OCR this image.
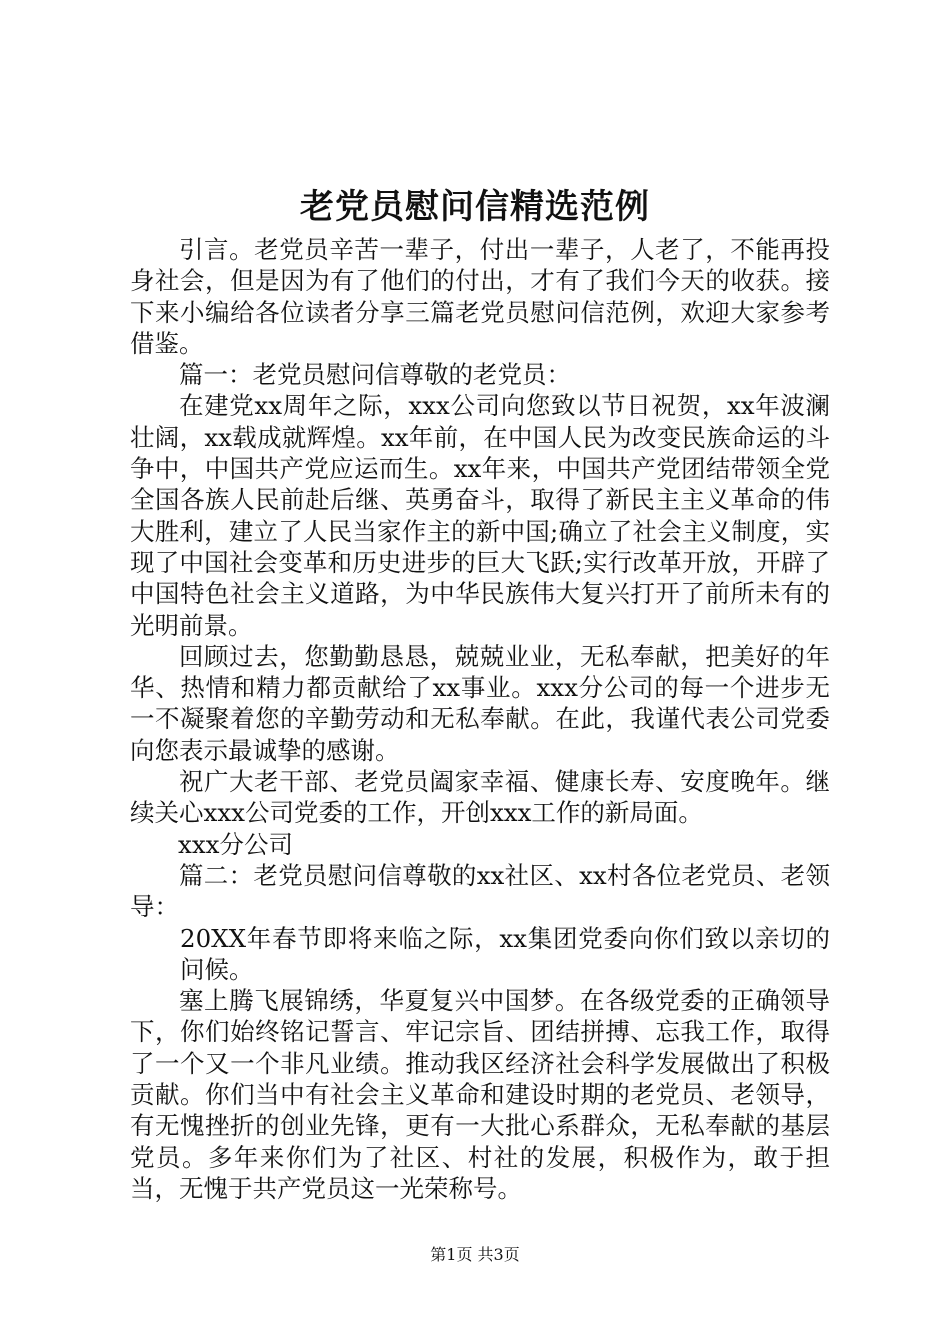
老党员慰问信精选范例

引言。老党员辛苦一辈子，付出一辈子，人老了，不能再投身社会，但是因为有了他们的付出，才有了我们今天的收获。接下来小编给各位读者分享三篇老党员慰问信范例，欢迎大家参考借鉴。

篇一：老党员慰问信尊敬的老党员：

在建党xx周年之际，xxx公司向您致以节日祝贺，xx年波澜壮阔，xx载成就辉煌。xx年前，在中国人民为改变民族命运的斗争中，中国共产党应运而生。xx年来，中国共产党团结带领全党全国各族人民前赴后继、英勇奋斗，取得了新民主主义革命的伟大胜利，建立了人民当家作主的新中国;确立了社会主义制度，实现了中国社会变革和历史进步的巨大飞跃;实行改革开放，开辟了中国特色社会主义道路，为中华民族伟大复兴打开了前所未有的光明前景。

回顾过去，您勤勤恳恳，兢兢业业，无私奉献，把美好的年华、热情和精力都贡献给了xx事业。xxx分公司的每一个进步无一不凝聚着您的辛勤劳动和无私奉献。在此，我谨代表公司党委向您表示最诚挚的感谢。

祝广大老干部、老党员阖家幸福、健康长寿、安度晚年。继续关心xxx公司党委的工作，开创xxx工作的新局面。

xxx分公司

篇二：老党员慰问信尊敬的xx社区、xx村各位老党员、老领导：

20XX年春节即将来临之际，xx集团党委向你们致以亲切的问候。

塞上腾飞展锦绣，华夏复兴中国梦。在各级党委的正确领导下，你们始终铭记誓言、牢记宗旨、团结拼搏、忘我工作，取得了一个又一个非凡业绩。推动我区经济社会科学发展做出了积极贡献。你们当中有社会主义革命和建设时期的老党员、老领导，有无愧挫折的创业先锋，更有一大批心系群众，无私奉献的基层党员。多年来你们为了社区、村社的发展，积极作为，敢于担当，无愧于共产党员这一光荣称号。

第1页 共3页
